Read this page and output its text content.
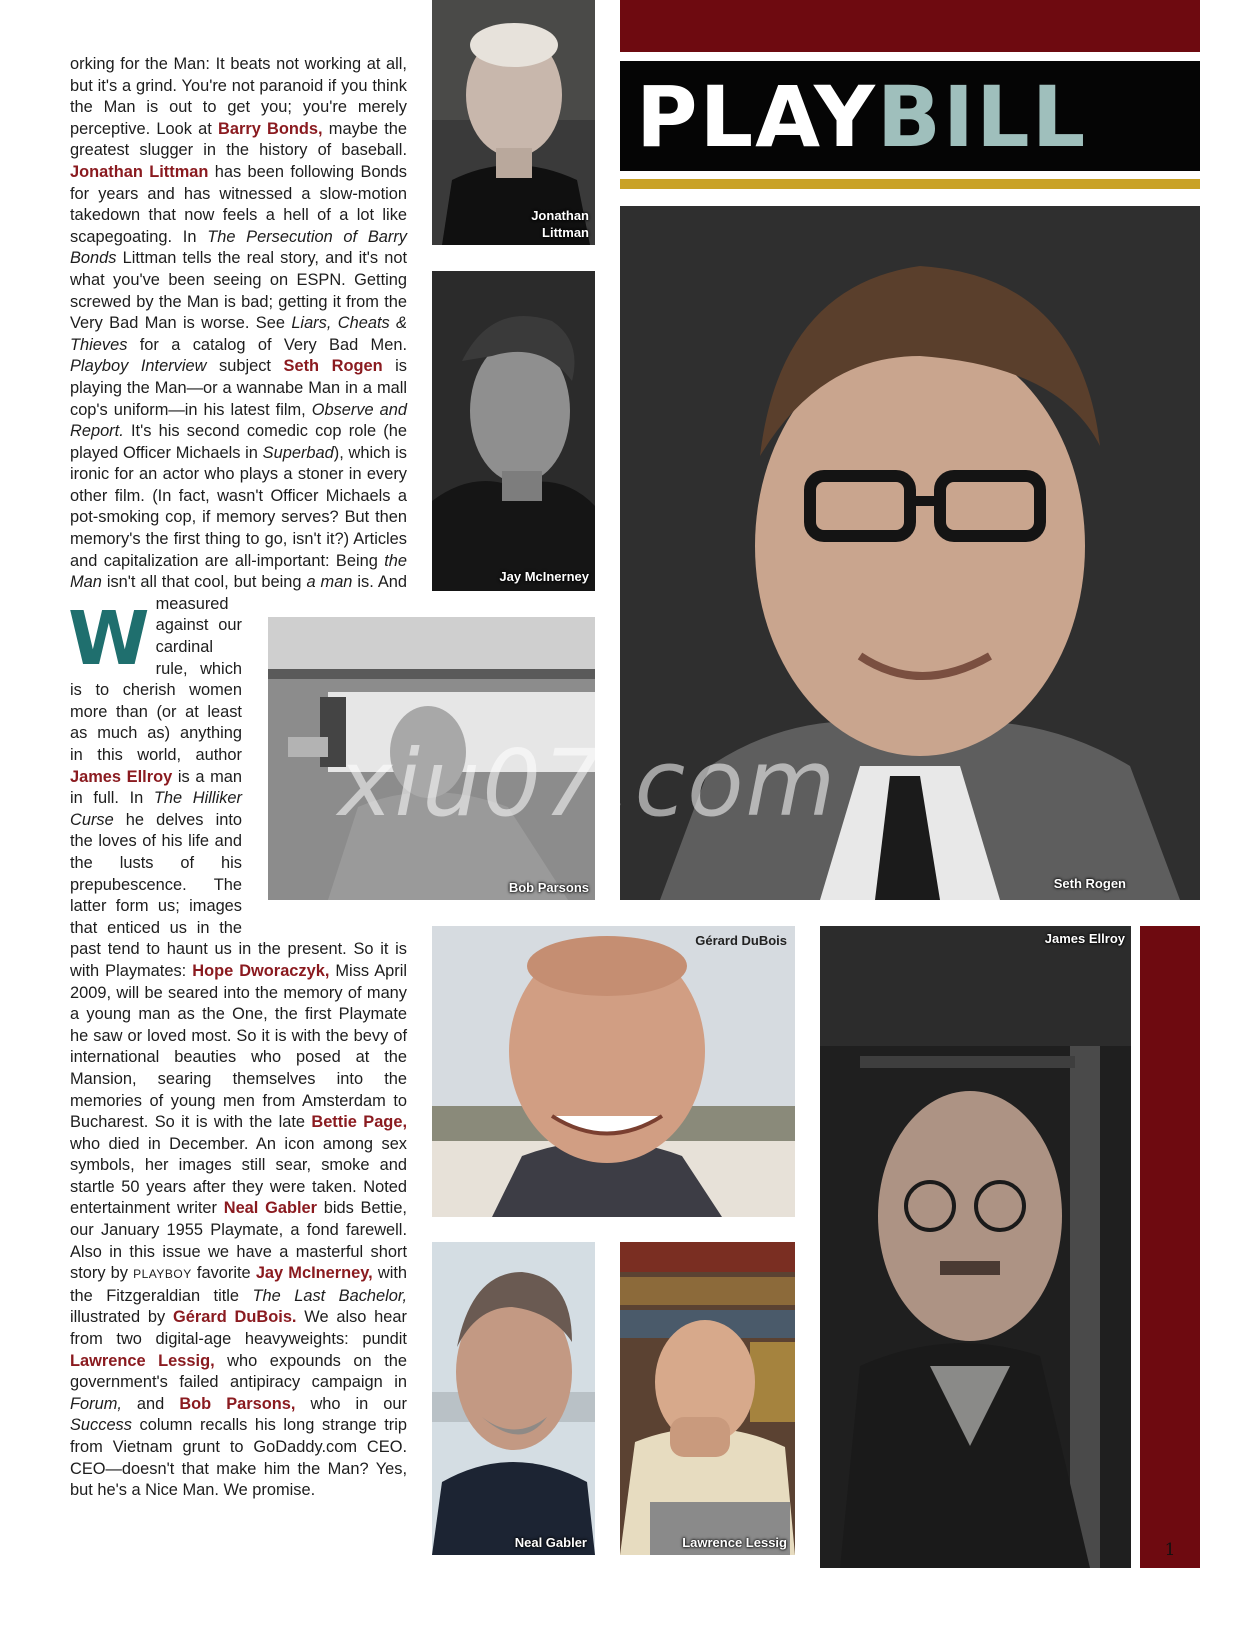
PLAYBILL
Jonathan
Littman
Jay McInerney
Bob Parsons	Seth Rogen
Gérard DuBois	James Ellroy
Neal Gabler	Lawrence Lessig
xiu07.com
W
orking for the Man: It beats not working at all, but it's a grind. You're not paranoid if you think the Man is out to get you; you're merely perceptive. Look at Barry Bonds, maybe the greatest slugger in the history of baseball. Jonathan Littman has been following Bonds for years and has witnessed a slow-motion takedown that now feels a hell of a lot like scapegoating. In The Persecution of Barry Bonds Littman tells the real story, and it's not what you've been seeing on ESPN. Getting screwed by the Man is bad; getting it from the Very Bad Man is worse. See Liars, Cheats & Thieves for a catalog of Very Bad Men. Playboy Interview subject Seth Rogen is playing the Man—or a wannabe Man in a mall cop's uniform—in his latest film, Observe and Report. It's his second comedic cop role (he played Officer Michaels in Superbad), which is ironic for an actor who plays a stoner in every other film. (In fact, wasn't Officer Michaels a pot-smoking cop, if memory serves? But then memory's the first thing to go, isn't it?) Articles and capitalization are all-important: Being the Man isn't all that cool, but being a man is. And measured against our cardinal rule, which is to cherish women more than (or at least as much as) anything in this world, author James Ellroy is a man in full. In The Hilliker Curse he delves into the loves of his life and the lusts of his prepubescence. The latter form us; images that enticed us in the past tend to haunt us in the present. So it is with Playmates: Hope Dworaczyk, Miss April 2009, will be seared into the memory of many a young man as the One, the first Playmate he saw or loved most. So it is with the bevy of international beauties who posed at the Mansion, searing themselves into the memories of young men from Amsterdam to Bucharest. So it is with the late Bettie Page, who died in December. An icon among sex symbols, her images still sear, smoke and startle 50 years after they were taken. Noted entertainment writer Neal Gabler bids Bettie, our January 1955 Playmate, a fond farewell. Also in this issue we have a masterful short story by PLAYBOY favorite Jay McInerney, with the Fitzgeraldian title The Last Bachelor, illustrated by Gérard DuBois. We also hear from two digital-age heavyweights: pundit Lawrence Lessig, who expounds on the government's failed antipiracy campaign in Forum, and Bob Parsons, who in our Success column recalls his long strange trip from Vietnam grunt to GoDaddy.com CEO. CEO—doesn't that make him the Man? Yes, but he's a Nice Man. We promise.
1
